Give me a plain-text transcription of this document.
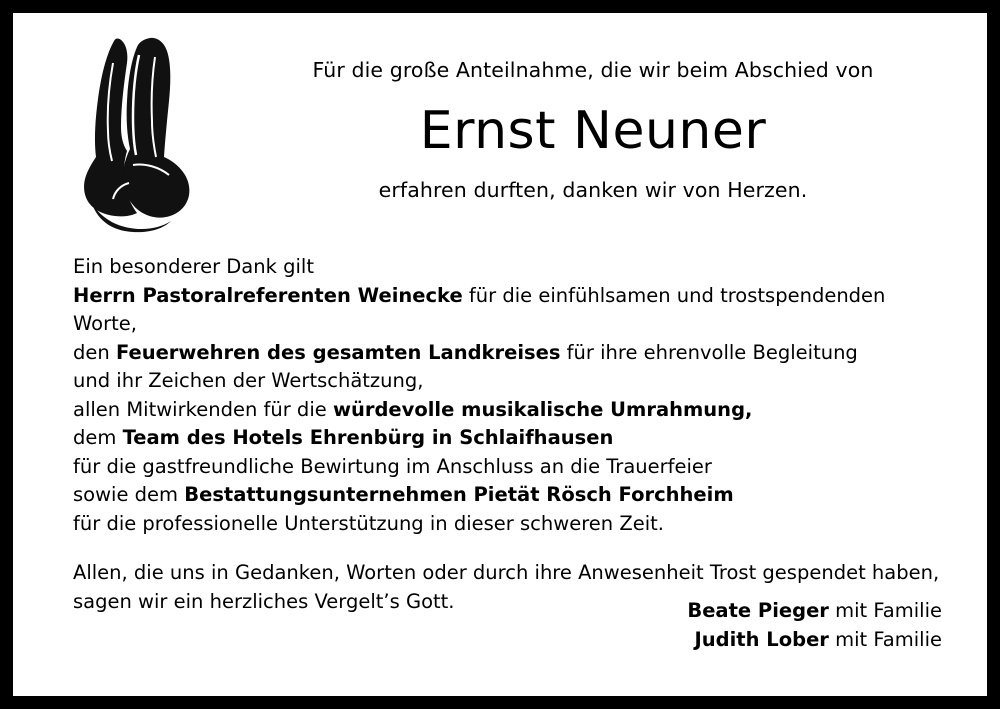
Für die große Anteilnahme, die wir beim Abschied von
Ernst Neuner
erfahren durften, danken wir von Herzen.

Ein besonderer Dank gilt

Herrn Pastoralreferenten Weinecke für die einfühlsamen und trostspendenden Worte,

den Feuerwehren des gesamten Landkreises für ihre ehrenvolle Begleitung

und ihr Zeichen der Wertschätzung,

allen Mitwirkenden für die würdevolle musikalische Umrahmung,

dem Team des Hotels Ehrenbürg in Schlaifhausen

für die gastfreundliche Bewirtung im Anschluss an die Trauerfeier

sowie dem Bestattungsunternehmen Pietät Rösch Forchheim

für die professionelle Unterstützung in dieser schweren Zeit.

Allen, die uns in Gedanken, Worten oder durch ihre Anwesenheit Trost gespendet haben,

sagen wir ein herzliches Vergelt’s Gott.	Beate Pieger mit Familie
Judith Lober mit Familie
